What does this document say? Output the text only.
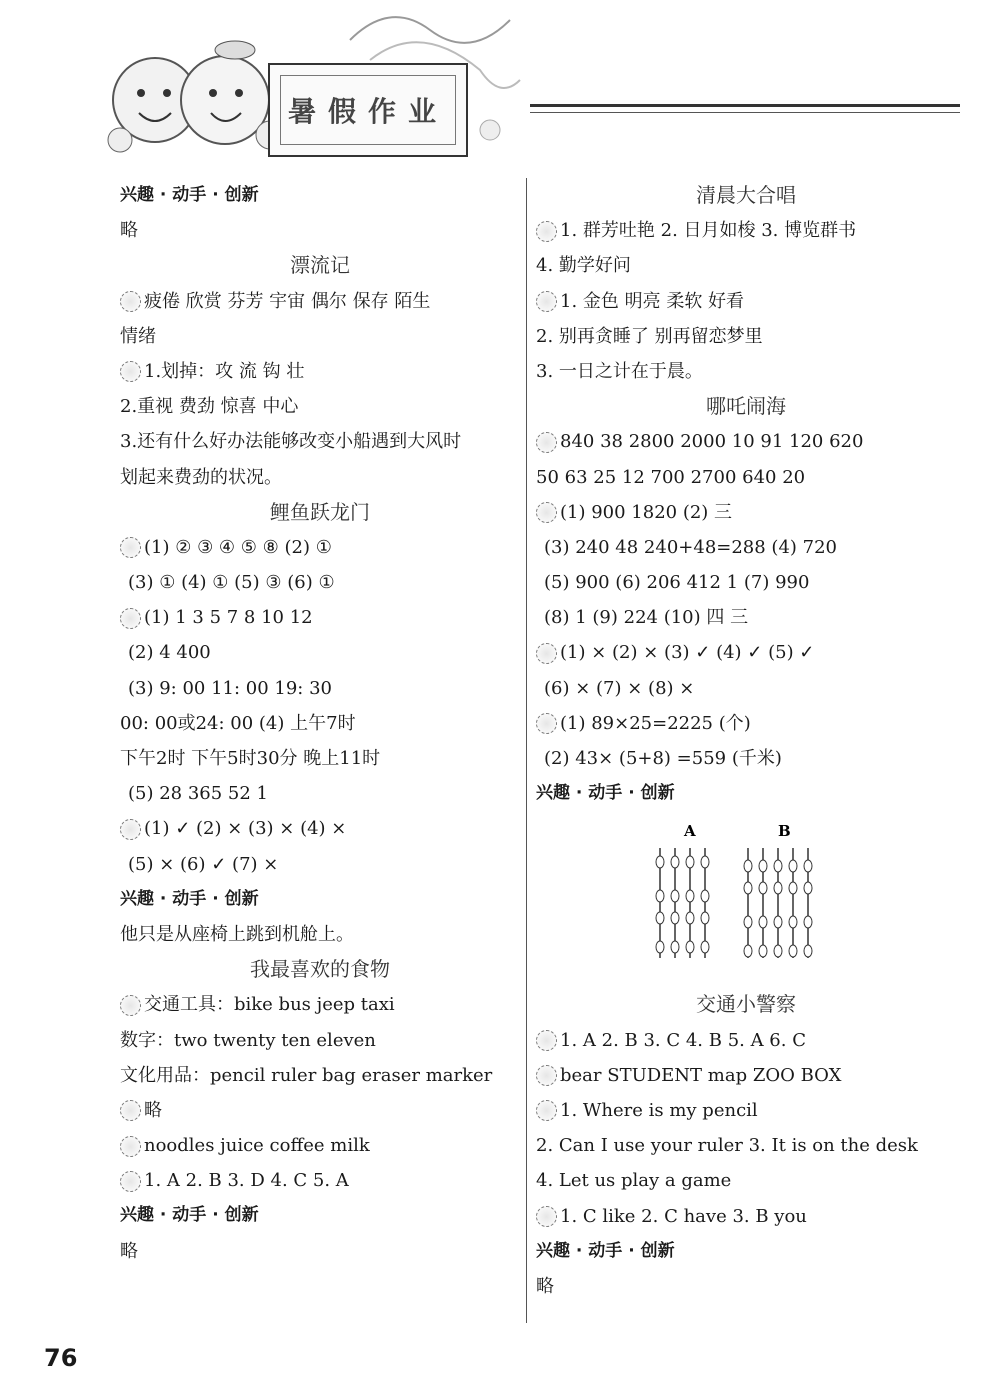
暑假作业
兴趣 · 动手 · 创新
略
漂流记
疲倦 欣赏 芬芳 宇宙 偶尔 保存 陌生
情绪
1.划掉：攻 流 钩 壮
2.重视 费劲 惊喜 中心
3.还有什么好办法能够改变小船遇到大风时
划起来费劲的状况。
鲤鱼跃龙门
(1) ② ③ ④ ⑤ ⑧ (2) ①
(3) ① (4) ① (5) ③ (6) ①
(1) 1 3 5 7 8 10 12
(2) 4 400
(3) 9: 00 11: 00 19: 30
00: 00或24: 00 (4) 上午7时
下午2时 下午5时30分 晚上11时
(5) 28 365 52 1
(1) ✓ (2) × (3) × (4) ×
(5) × (6) ✓ (7) ×
兴趣 · 动手 · 创新
他只是从座椅上跳到机舱上。
我最喜欢的食物
交通工具：bike bus jeep taxi
数字：two twenty ten eleven
文化用品：pencil ruler bag eraser marker
略
noodles juice coffee milk
1. A 2. B 3. D 4. C 5. A
兴趣 · 动手 · 创新
略
清晨大合唱
1. 群芳吐艳 2. 日月如梭 3. 博览群书
4. 勤学好问
1. 金色 明亮 柔软 好看
2. 别再贪睡了 别再留恋梦里
3. 一日之计在于晨。
哪吒闹海
840 38 2800 2000 10 91 120 620
50 63 25 12 700 2700 640 20
(1) 900 1820 (2) 三
(3) 240 48 240+48=288 (4) 720
(5) 900 (6) 206 412 1 (7) 990
(8) 1 (9) 224 (10) 四 三
(1) × (2) × (3) ✓ (4) ✓ (5) ✓
(6) × (7) × (8) ×
(1) 89×25=2225 (个)
(2) 43× (5+8) =559 (千米)
兴趣 · 动手 · 创新
交通小警察
1. A 2. B 3. C 4. B 5. A 6. C
bear STUDENT map ZOO BOX
1. Where is my pencil
2. Can I use your ruler 3. It is on the desk
4. Let us play a game
1. C like 2. C have 3. B you
兴趣 · 动手 · 创新
略
A	B
76
